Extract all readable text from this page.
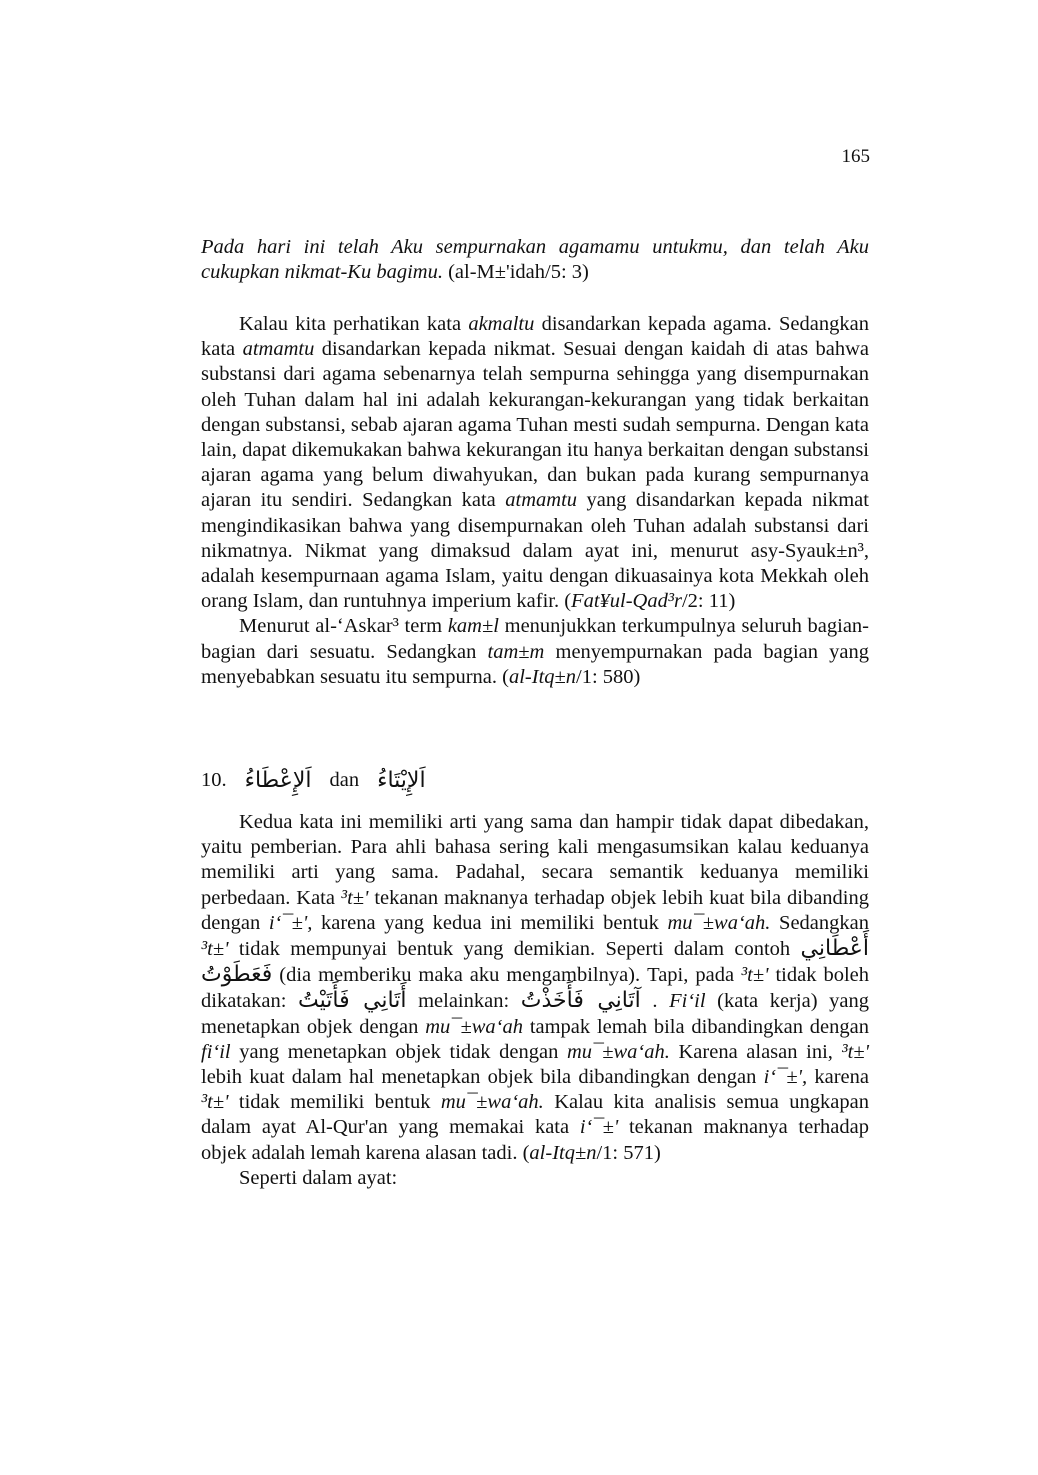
165

Pada hari ini telah Aku sempurnakan agamamu untukmu, dan telah Aku cukupkan nikmat-Ku bagimu. (al-M±'idah/5: 3)

Kalau kita perhatikan kata akmaltu disandarkan kepada agama. Sedangkan kata atmamtu disandarkan kepada nikmat. Sesuai dengan kaidah di atas bahwa substansi dari agama sebenarnya telah sempurna sehingga yang disempurnakan oleh Tuhan dalam hal ini adalah kekurangan-kekurangan yang tidak berkaitan dengan substansi, sebab ajaran agama Tuhan mesti sudah sempurna. Dengan kata lain, dapat dikemukakan bahwa kekurangan itu hanya berkaitan dengan substansi ajaran agama yang belum diwahyukan, dan bukan pada kurang sempurnanya ajaran itu sendiri. Sedangkan kata atmamtu yang disandarkan kepada nikmat mengindikasikan bahwa yang disempurnakan oleh Tuhan adalah substansi dari nikmatnya. Nikmat yang dimaksud dalam ayat ini, menurut asy-Syauk±n³, adalah kesempurnaan agama Islam, yaitu dengan dikuasainya kota Mekkah oleh orang Islam, dan runtuhnya imperium kafir. (Fat¥ul-Qad³r/2: 11)

Menurut al-‘Askar³ term kam±l menunjukkan terkumpulnya seluruh bagian-bagian dari sesuatu. Sedangkan tam±m menyempurnakan pada bagian yang menyebabkan sesuatu itu sempurna. (al-Itq±n/1: 580)

10. اَلإِعْطَاءُ dan اَلإِيْتَاءُ

Kedua kata ini memiliki arti yang sama dan hampir tidak dapat dibedakan, yaitu pemberian. Para ahli bahasa sering kali mengasumsikan kalau keduanya memiliki arti yang sama. Padahal, secara semantik keduanya memiliki perbedaan. Kata ³t±' tekanan maknanya terhadap objek lebih kuat bila dibanding dengan i‘¯±', karena yang kedua ini memiliki bentuk mu¯±wa‘ah. Sedangkan ³t±' tidak mempunyai bentuk yang demikian. Seperti dalam contoh أَعْطَانِي فَعَطَوْتُ (dia memberiku maka aku mengambilnya). Tapi, pada ³t±' tidak boleh dikatakan: أَتَانِي فَأَتَيْتُ melainkan: آتَانِي فَأَخَذْتُ . Fi‘il (kata kerja) yang menetapkan objek dengan mu¯±wa‘ah tampak lemah bila dibandingkan dengan fi‘il yang menetapkan objek tidak dengan mu¯±wa‘ah. Karena alasan ini, ³t±' lebih kuat dalam hal menetapkan objek bila dibandingkan dengan i‘¯±', karena ³t±' tidak memiliki bentuk mu¯±wa‘ah. Kalau kita analisis semua ungkapan dalam ayat Al-Qur'an yang memakai kata i‘¯±' tekanan maknanya terhadap objek adalah lemah karena alasan tadi. (al-Itq±n/1: 571)

Seperti dalam ayat:
